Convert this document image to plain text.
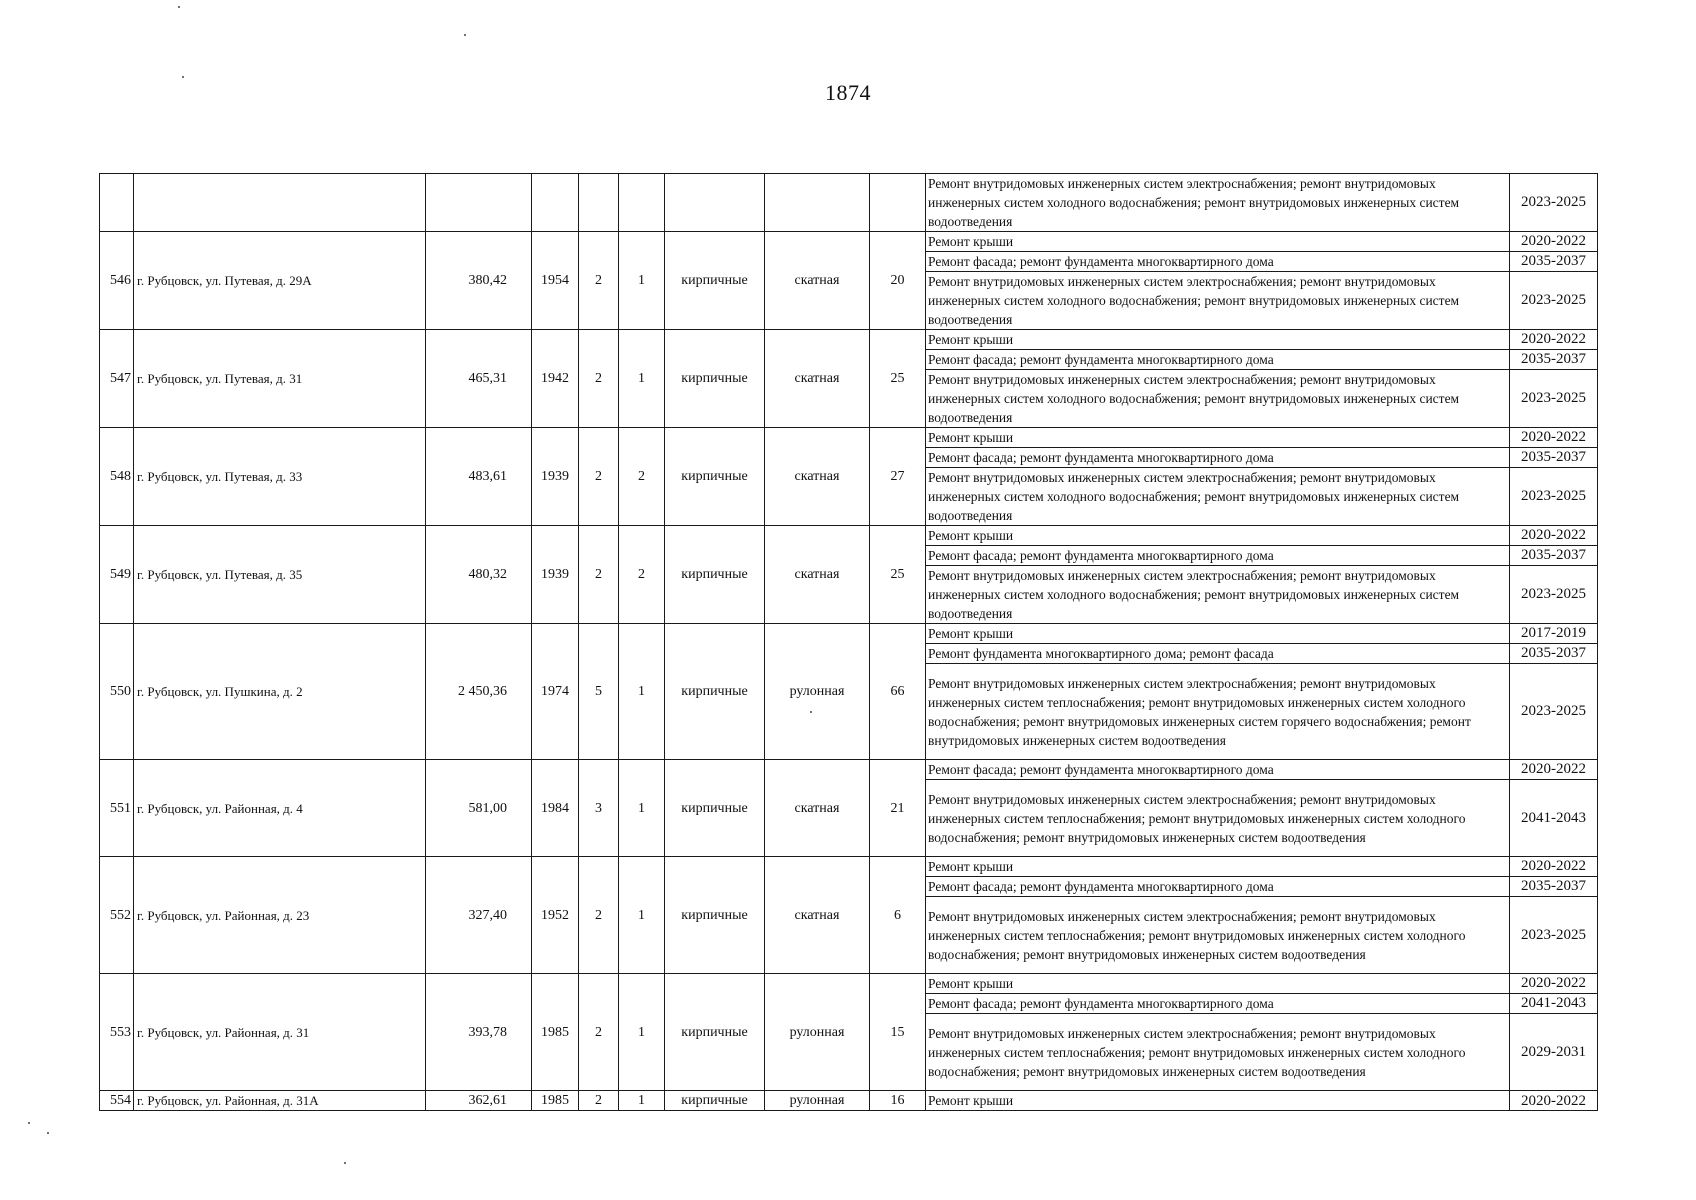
1874
									Ремонт внутридомовых инженерных систем электроснабжения; ремонт внутридомовых инженерных систем холодного водоснабжения; ремонт внутридомовых инженерных систем водоотведения	2023-2025
546	г. Рубцовск, ул. Путевая, д. 29А	380,42	1954	2	1	кирпичные	скатная	20	Ремонт крыши	2020-2022
									Ремонт фасада; ремонт фундамента многоквартирного дома	2035-2037
									Ремонт внутридомовых инженерных систем электроснабжения; ремонт внутридомовых инженерных систем холодного водоснабжения; ремонт внутридомовых инженерных систем водоотведения	2023-2025
547	г. Рубцовск, ул. Путевая, д. 31	465,31	1942	2	1	кирпичные	скатная	25	Ремонт крыши	2020-2022
									Ремонт фасада; ремонт фундамента многоквартирного дома	2035-2037
									Ремонт внутридомовых инженерных систем электроснабжения; ремонт внутридомовых инженерных систем холодного водоснабжения; ремонт внутридомовых инженерных систем водоотведения	2023-2025
548	г. Рубцовск, ул. Путевая, д. 33	483,61	1939	2	2	кирпичные	скатная	27	Ремонт крыши	2020-2022
									Ремонт фасада; ремонт фундамента многоквартирного дома	2035-2037
									Ремонт внутридомовых инженерных систем электроснабжения; ремонт внутридомовых инженерных систем холодного водоснабжения; ремонт внутридомовых инженерных систем водоотведения	2023-2025
549	г. Рубцовск, ул. Путевая, д. 35	480,32	1939	2	2	кирпичные	скатная	25	Ремонт крыши	2020-2022
									Ремонт фасада; ремонт фундамента многоквартирного дома	2035-2037
									Ремонт внутридомовых инженерных систем электроснабжения; ремонт внутридомовых инженерных систем холодного водоснабжения; ремонт внутридомовых инженерных систем водоотведения	2023-2025
550	г. Рубцовск, ул. Пушкина, д. 2	2 450,36	1974	5	1	кирпичные	рулонная	66	Ремонт крыши	2017-2019
									Ремонт фундамента многоквартирного дома; ремонт фасада	2035-2037
									Ремонт внутридомовых инженерных систем электроснабжения; ремонт внутридомовых инженерных систем теплоснабжения; ремонт внутридомовых инженерных систем холодного водоснабжения; ремонт внутридомовых инженерных систем горячего водоснабжения; ремонт внутридомовых инженерных систем водоотведения	2023-2025
551	г. Рубцовск, ул. Районная, д. 4	581,00	1984	3	1	кирпичные	скатная	21	Ремонт фасада; ремонт фундамента многоквартирного дома	2020-2022
									Ремонт внутридомовых инженерных систем электроснабжения; ремонт внутридомовых инженерных систем теплоснабжения; ремонт внутридомовых инженерных систем холодного водоснабжения; ремонт внутридомовых инженерных систем водоотведения	2041-2043
552	г. Рубцовск, ул. Районная, д. 23	327,40	1952	2	1	кирпичные	скатная	6	Ремонт крыши	2020-2022
									Ремонт фасада; ремонт фундамента многоквартирного дома	2035-2037
									Ремонт внутридомовых инженерных систем электроснабжения; ремонт внутридомовых инженерных систем теплоснабжения; ремонт внутридомовых инженерных систем холодного водоснабжения; ремонт внутридомовых инженерных систем водоотведения	2023-2025
553	г. Рубцовск, ул. Районная, д. 31	393,78	1985	2	1	кирпичные	рулонная	15	Ремонт крыши	2020-2022
									Ремонт фасада; ремонт фундамента многоквартирного дома	2041-2043
									Ремонт внутридомовых инженерных систем электроснабжения; ремонт внутридомовых инженерных систем теплоснабжения; ремонт внутридомовых инженерных систем холодного водоснабжения; ремонт внутридомовых инженерных систем водоотведения	2029-2031
554	г. Рубцовск, ул. Районная, д. 31А	362,61	1985	2	1	кирпичные	рулонная	16	Ремонт крыши	2020-2022
